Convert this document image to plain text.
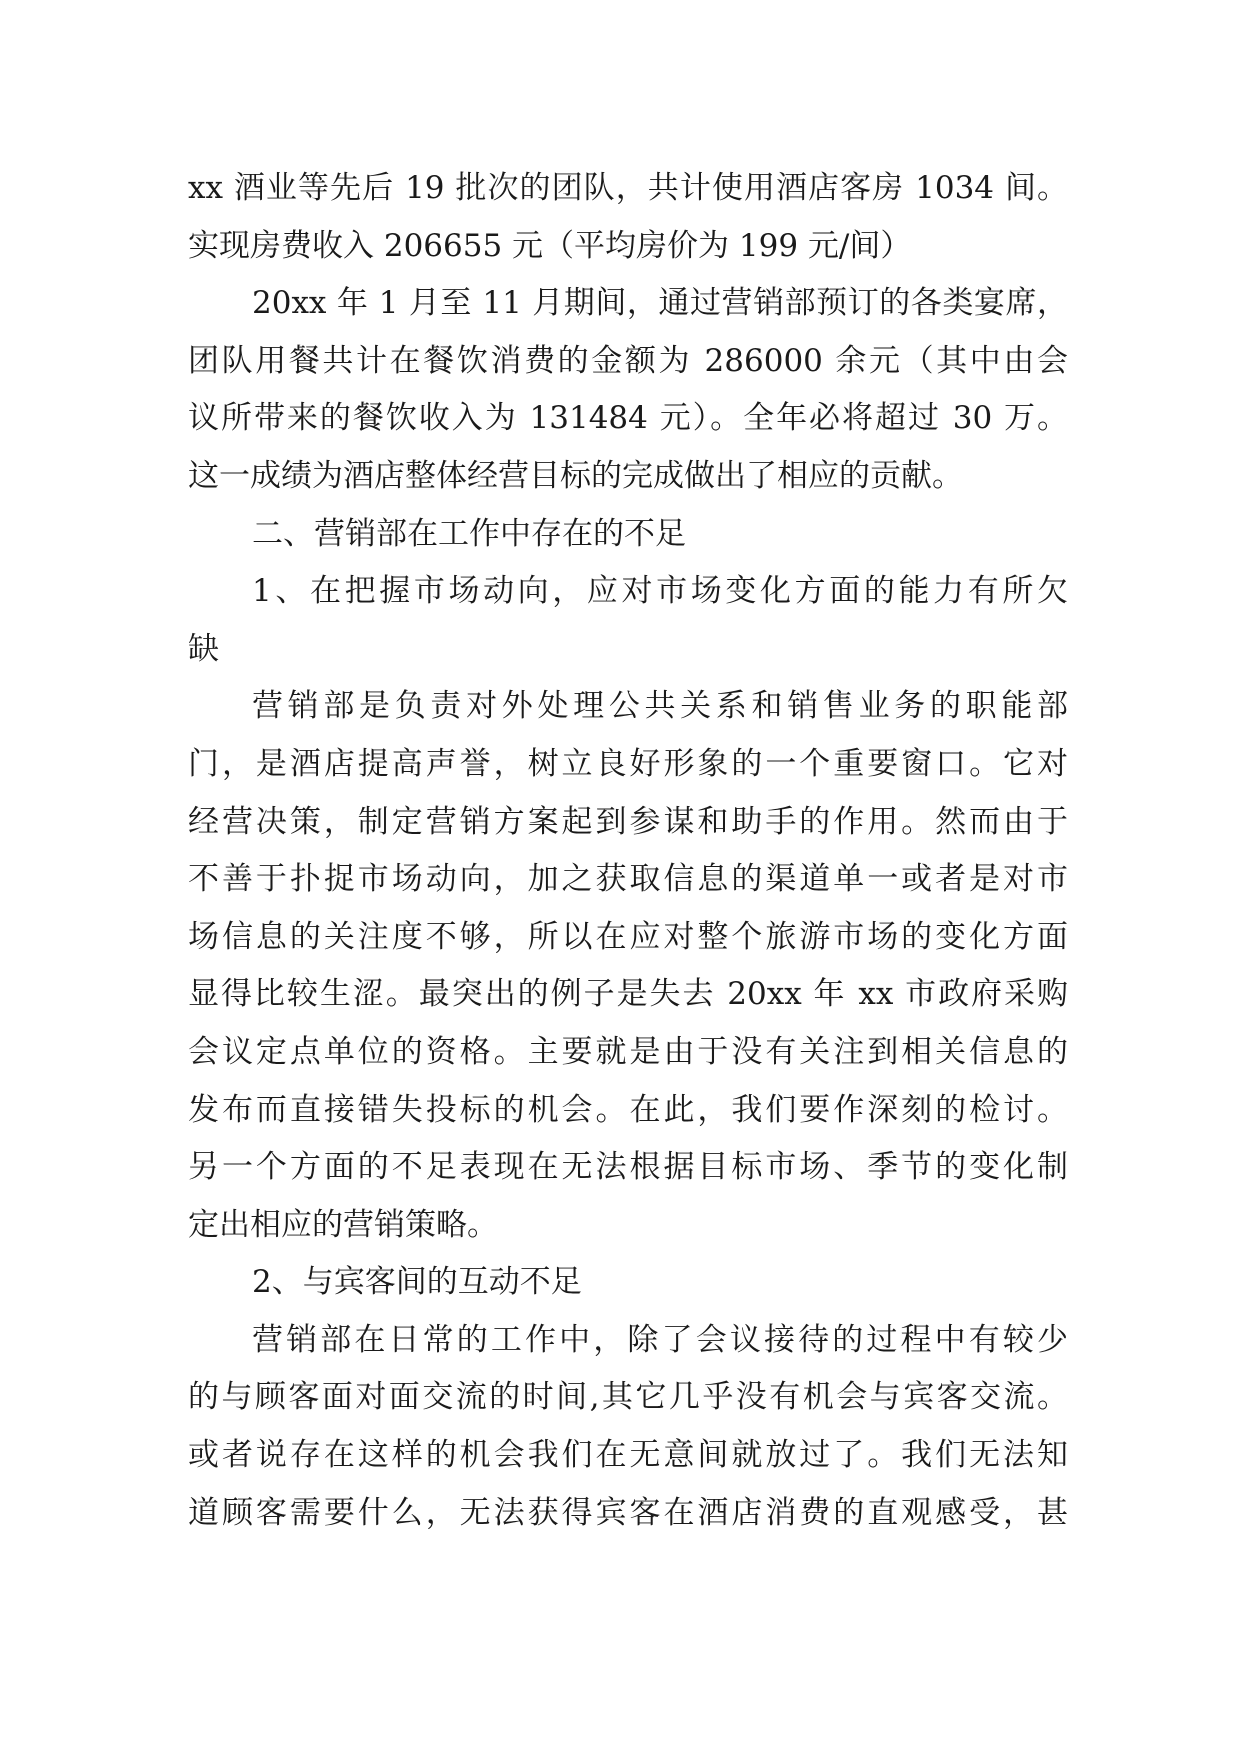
xx 酒业等先后 19 批次的团队，共计使用酒店客房 1034 间。
实现房费收入 206655 元（平均房价为 199 元/间）
20xx 年 1 月至 11 月期间，通过营销部预订的各类宴席，
团队用餐共计在餐饮消费的金额为 286000 余元（其中由会
议所带来的餐饮收入为 131484 元）。全年必将超过 30 万。
这一成绩为酒店整体经营目标的完成做出了相应的贡献。
二、营销部在工作中存在的不足
1、在把握市场动向，应对市场变化方面的能力有所欠
缺
营销部是负责对外处理公共关系和销售业务的职能部
门，是酒店提高声誉，树立良好形象的一个重要窗口。它对
经营决策，制定营销方案起到参谋和助手的作用。然而由于
不善于扑捉市场动向，加之获取信息的渠道单一或者是对市
场信息的关注度不够，所以在应对整个旅游市场的变化方面
显得比较生涩。最突出的例子是失去 20xx 年 xx 市政府采购
会议定点单位的资格。主要就是由于没有关注到相关信息的
发布而直接错失投标的机会。在此，我们要作深刻的检讨。
另一个方面的不足表现在无法根据目标市场、季节的变化制
定出相应的营销策略。
2、与宾客间的互动不足
营销部在日常的工作中，除了会议接待的过程中有较少
的与顾客面对面交流的时间,其它几乎没有机会与宾客交流。
或者说存在这样的机会我们在无意间就放过了。我们无法知
道顾客需要什么，无法获得宾客在酒店消费的直观感受，甚
